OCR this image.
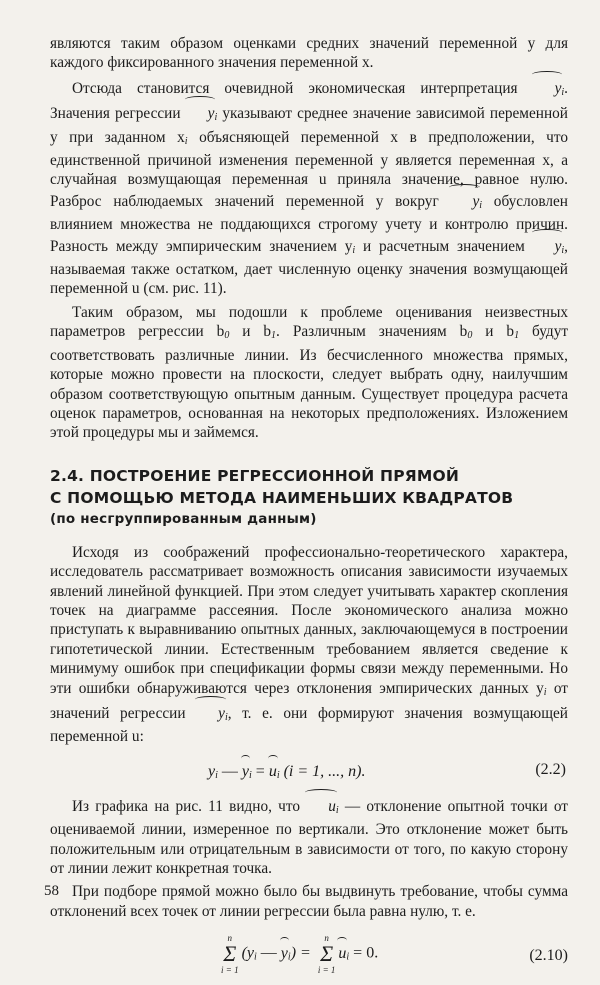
являются таким образом оценками средних значений переменной y для каждого фиксированного значения переменной x.

Отсюда становится очевидной экономическая интерпретация $y_i$. Значения регрессии $y_i$ указывают среднее значение зависимой переменной y при заданном $x_i$ объясняющей переменной x в предположении, что единственной причиной изменения переменной y является переменная x, а случайная возмущающая переменная u приняла значение, равное нулю. Разброс наблюдаемых значений переменной y вокруг $y_i$ обусловлен влиянием множества не поддающихся строгому учету и контролю причин. Разность между эмпирическим значением $y_i$ и расчетным значением $y_i$, называемая также остатком, дает численную оценку значения возмущающей переменной u (см. рис. 11).

Таким образом, мы подошли к проблеме оценивания неизвестных параметров регрессии $b_0$ и $b_1$. Различным значениям $b_0$ и $b_1$ будут соответствовать различные линии. Из бесчисленного множества прямых, которые можно провести на плоскости, следует выбрать одну, наилучшим образом соответствующую опытным данным. Существует процедура расчета оценок параметров, основанная на некоторых предположениях. Изложением этой процедуры мы и займемся.

2.4. ПОСТРОЕНИЕ РЕГРЕССИОННОЙ ПРЯМОЙ
С ПОМОЩЬЮ МЕТОДА НАИМЕНЬШИХ КВАДРАТОВ
(по несгруппированным данным)

Исходя из соображений профессионально-теоретического характера, исследователь рассматривает возможность описания зависимости изучаемых явлений линейной функцией. При этом следует учитывать характер скопления точек на диаграмме рассеяния. После экономического анализа можно приступать к выравниванию опытных данных, заключающемуся в построении гипотетической линии. Естественным требованием является сведение к минимуму ошибок при спецификации формы связи между переменными. Но эти ошибки обнаруживаются через отклонения эмпирических данных $y_i$ от значений регрессии $y_i$, т. е. они формируют значения возмущающей переменной u:

$y_i$ — $y_i = u_i$ (i = 1, ..., n).	(2.2)

Из графика на рис. 11 видно, что $u_i$ — отклонение опытной точки от оцениваемой линии, измеренное по вертикали. Это отклонение может быть положительным или отрицательным в зависимости от того, по какую сторону от линии лежит конкретная точка.

При подборе прямой можно было бы выдвинуть требование, чтобы сумма отклонений всех точек от линии регрессии была равна нулю, т. е.

n
Σ
i = 1
($y_i$ — $y_i$) =
n
Σ
i = 1
$u_i = 0$.	(2.10)
58
